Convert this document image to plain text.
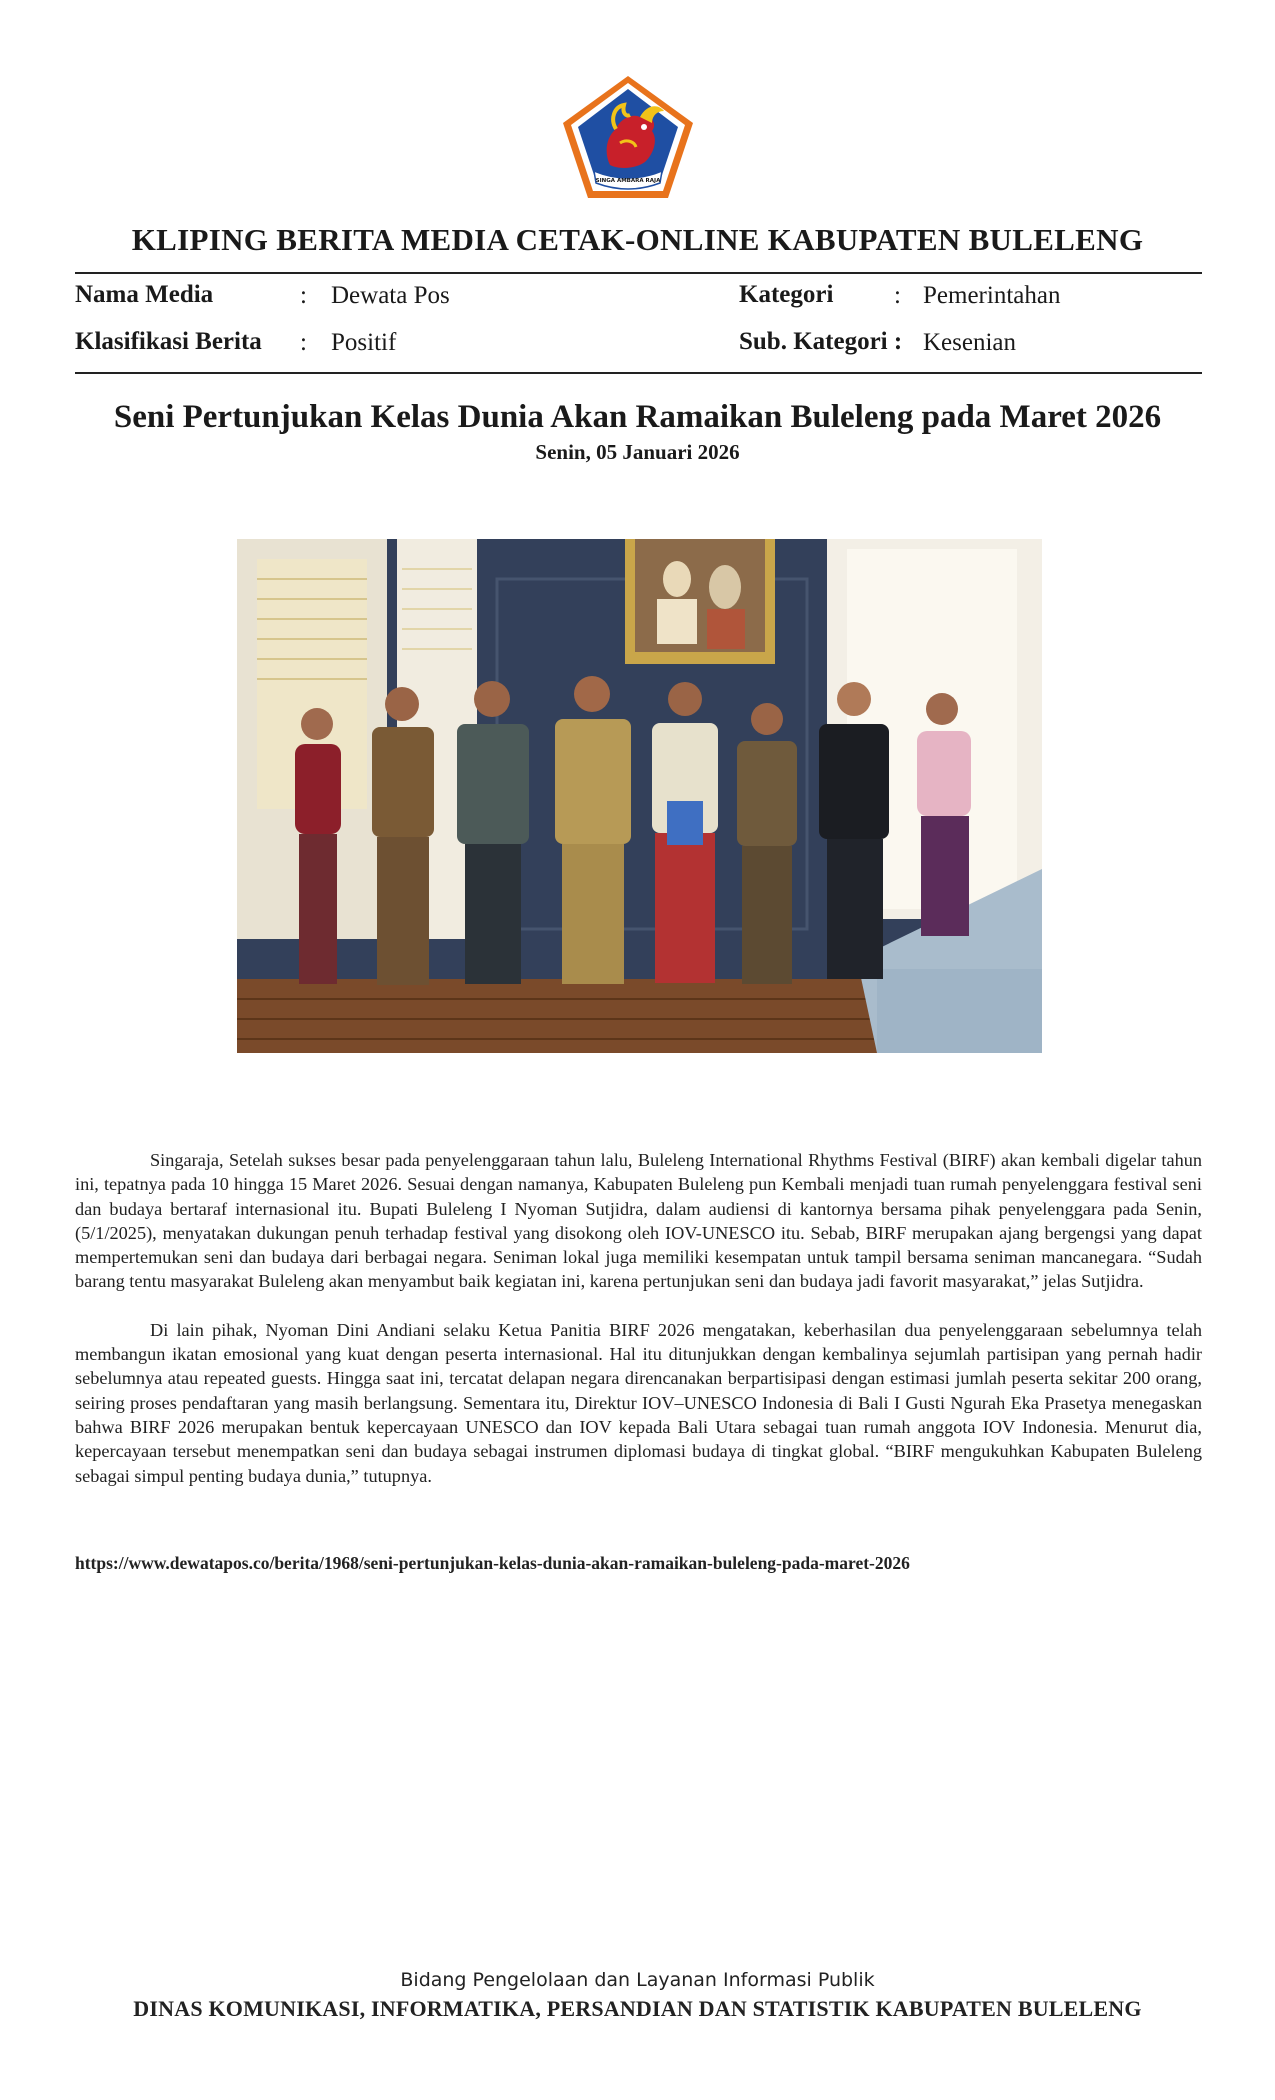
SINGA AMBARA RAJA
KLIPING BERITA MEDIA CETAK-ONLINE KABUPATEN BULELENG
Nama Media	: Dewata Pos	Kategori : Pemerintahan
Klasifikasi Berita : Positif	Sub. Kategori : Kesenian
Seni Pertunjukan Kelas Dunia Akan Ramaikan Buleleng pada Maret 2026
Senin, 05 Januari 2026

Singaraja, Setelah sukses besar pada penyelenggaraan tahun lalu, Buleleng International Rhythms Festival (BIRF) akan kembali digelar tahun ini, tepatnya pada 10 hingga 15 Maret 2026. Sesuai dengan namanya, Kabupaten Buleleng pun Kembali menjadi tuan rumah penyelenggara festival seni dan budaya bertaraf internasional itu. Bupati Buleleng I Nyoman Sutjidra, dalam audiensi di kantornya bersama pihak penyelenggara pada Senin, (5/1/2025), menyatakan dukungan penuh terhadap festival yang disokong oleh IOV-UNESCO itu. Sebab, BIRF merupakan ajang bergengsi yang dapat mempertemukan seni dan budaya dari berbagai negara. Seniman lokal juga memiliki kesempatan untuk tampil bersama seniman mancanegara. “Sudah barang tentu masyarakat Buleleng akan menyambut baik kegiatan ini, karena pertunjukan seni dan budaya jadi favorit masyarakat,” jelas Sutjidra.

Di lain pihak, Nyoman Dini Andiani selaku Ketua Panitia BIRF 2026 mengatakan, keberhasilan dua penyelenggaraan sebelumnya telah membangun ikatan emosional yang kuat dengan peserta internasional. Hal itu ditunjukkan dengan kembalinya sejumlah partisipan yang pernah hadir sebelumnya atau repeated guests. Hingga saat ini, tercatat delapan negara direncanakan berpartisipasi dengan estimasi jumlah peserta sekitar 200 orang, seiring proses pendaftaran yang masih berlangsung. Sementara itu, Direktur IOV–UNESCO Indonesia di Bali I Gusti Ngurah Eka Prasetya menegaskan bahwa BIRF 2026 merupakan bentuk kepercayaan UNESCO dan IOV kepada Bali Utara sebagai tuan rumah anggota IOV Indonesia. Menurut dia, kepercayaan tersebut menempatkan seni dan budaya sebagai instrumen diplomasi budaya di tingkat global. “BIRF mengukuhkan Kabupaten Buleleng sebagai simpul penting budaya dunia,” tutupnya.

https://www.dewatapos.co/berita/1968/seni-pertunjukan-kelas-dunia-akan-ramaikan-buleleng-pada-maret-2026
Bidang Pengelolaan dan Layanan Informasi Publik
DINAS KOMUNIKASI, INFORMATIKA, PERSANDIAN DAN STATISTIK KABUPATEN BULELENG
